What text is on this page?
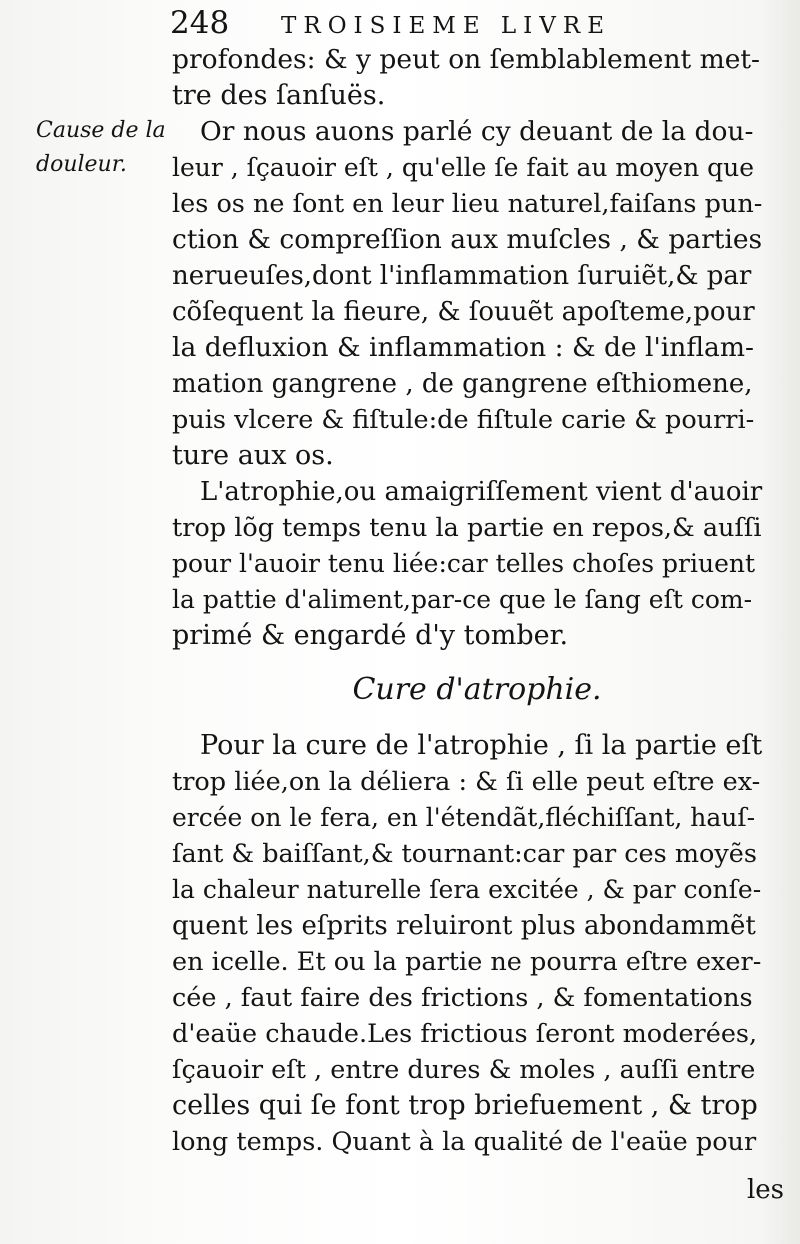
248 TROISIEME LIVRE
Cause de la
douleur.
profondes: & y peut on ſemblablement met-
tre des ſanſuës.
Or nous auons parlé cy deuant de la dou-
leur , ſçauoir eſt , qu'elle ſe fait au moyen que
les os ne ſont en leur lieu naturel,faiſans pun-
ction & compreſſion aux muſcles , & parties
nerueuſes,dont l'inflammation ſuruiẽt,& par
cõſequent la fieure, & ſouuẽt apoſteme,pour
la defluxion & inflammation : & de l'inflam-
mation gangrene , de gangrene eſthiomene,
puis vlcere & fiſtule:de fiſtule carie & pourri-
ture aux os.
L'atrophie,ou amaigriſſement vient d'auoir
trop lõg temps tenu la partie en repos,& auſſi
pour l'auoir tenu liée:car telles choſes priuent
la pattie d'aliment,par-ce que le ſang eſt com-
primé & engardé d'y tomber.
Cure d'atrophie.
Pour la cure de l'atrophie , ſi la partie eſt
trop liée,on la déliera : & ſi elle peut eſtre ex-
ercée on le fera, en l'étendãt,fléchiſſant, hauſ-
ſant & baiſſant,& tournant:car par ces moyẽs
la chaleur naturelle ſera excitée , & par conſe-
quent les eſprits reluiront plus abondammẽt
en icelle. Et ou la partie ne pourra eſtre exer-
cée , faut faire des frictions , & fomentations
d'eaüe chaude.Les frictious ſeront moderées,
ſçauoir eſt , entre dures & moles , auſſi entre
celles qui ſe font trop briefuement , & trop
long temps. Quant à la qualité de l'eaüe pour
les
